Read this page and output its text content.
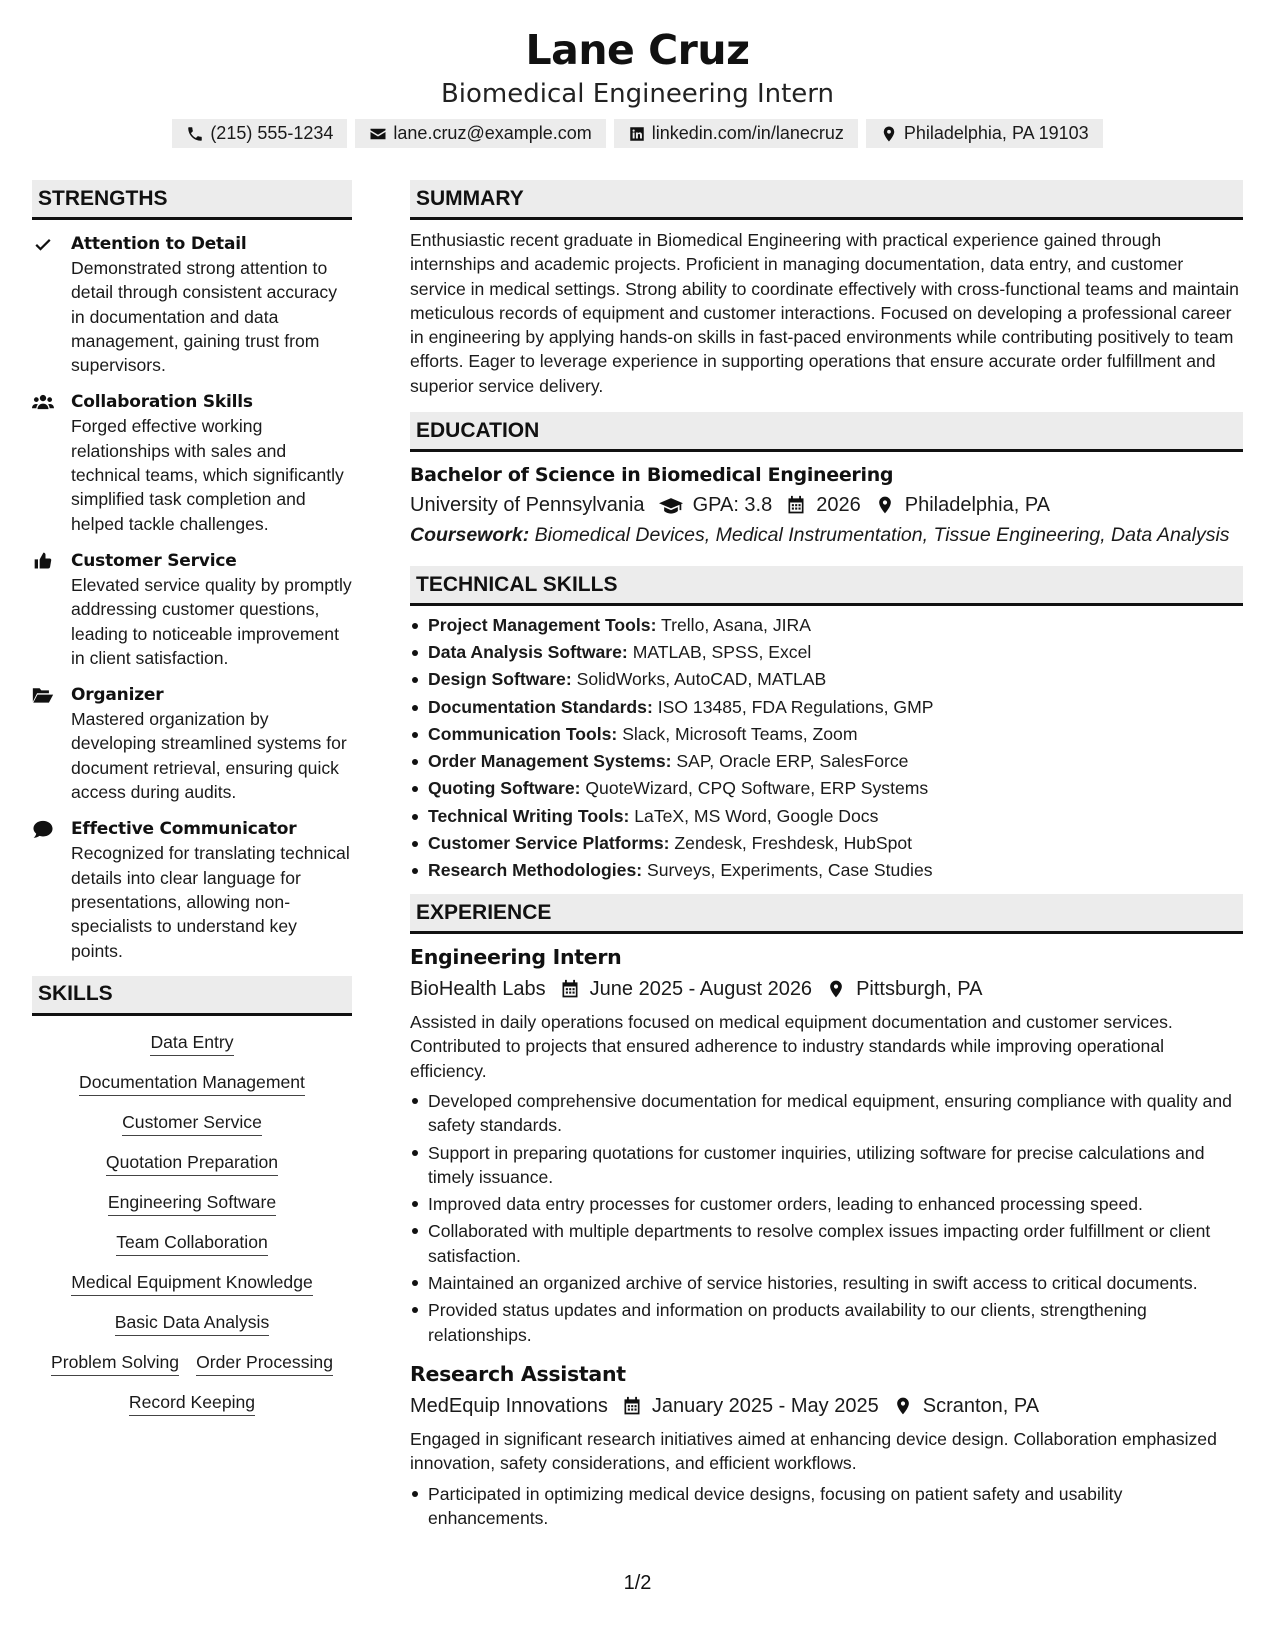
Lane Cruz
Biomedical Engineering Intern
(215) 555-1234	lane.cruz@example.com	linkedin.com/in/lanecruz	Philadelphia, PA 19103
STRENGTHS
Attention to Detail
Demonstrated strong attention to detail through consistent accuracy in documentation and data management, gaining trust from supervisors.
Collaboration Skills
Forged effective working relationships with sales and technical teams, which significantly simplified task completion and helped tackle challenges.
Customer Service
Elevated service quality by promptly addressing customer questions, leading to noticeable improvement in client satisfaction.
Organizer
Mastered organization by developing streamlined systems for document retrieval, ensuring quick access during audits.
Effective Communicator
Recognized for translating technical details into clear language for presentations, allowing non-specialists to understand key points.
SKILLS
Data Entry
Documentation Management
Customer Service
Quotation Preparation
Engineering Software
Team Collaboration
Medical Equipment Knowledge
Basic Data Analysis
Problem Solving Order Processing
Record Keeping
SUMMARY
Enthusiastic recent graduate in Biomedical Engineering with practical experience gained through internships and academic projects. Proficient in managing documentation, data entry, and customer service in medical settings. Strong ability to coordinate effectively with cross-functional teams and maintain meticulous records of equipment and customer interactions. Focused on developing a professional career in engineering by applying hands-on skills in fast-paced environments while contributing positively to team efforts. Eager to leverage experience in supporting operations that ensure accurate order fulfillment and superior service delivery.
EDUCATION
Bachelor of Science in Biomedical Engineering
University of Pennsylvania GPA: 3.8 2026 Philadelphia, PA
Coursework: Biomedical Devices, Medical Instrumentation, Tissue Engineering, Data Analysis
TECHNICAL SKILLS
Project Management Tools: Trello, Asana, JIRA
Data Analysis Software: MATLAB, SPSS, Excel
Design Software: SolidWorks, AutoCAD, MATLAB
Documentation Standards: ISO 13485, FDA Regulations, GMP
Communication Tools: Slack, Microsoft Teams, Zoom
Order Management Systems: SAP, Oracle ERP, SalesForce
Quoting Software: QuoteWizard, CPQ Software, ERP Systems
Technical Writing Tools: LaTeX, MS Word, Google Docs
Customer Service Platforms: Zendesk, Freshdesk, HubSpot
Research Methodologies: Surveys, Experiments, Case Studies
EXPERIENCE
Engineering Intern
BioHealth Labs June 2025 - August 2026 Pittsburgh, PA
Assisted in daily operations focused on medical equipment documentation and customer services. Contributed to projects that ensured adherence to industry standards while improving operational efficiency.
Developed comprehensive documentation for medical equipment, ensuring compliance with quality and safety standards.
Support in preparing quotations for customer inquiries, utilizing software for precise calculations and timely issuance.
Improved data entry processes for customer orders, leading to enhanced processing speed.
Collaborated with multiple departments to resolve complex issues impacting order fulfillment or client satisfaction.
Maintained an organized archive of service histories, resulting in swift access to critical documents.
Provided status updates and information on products availability to our clients, strengthening relationships.
Research Assistant
MedEquip Innovations January 2025 - May 2025 Scranton, PA
Engaged in significant research initiatives aimed at enhancing device design. Collaboration emphasized innovation, safety considerations, and efficient workflows.
Participated in optimizing medical device designs, focusing on patient safety and usability enhancements.
1/2
